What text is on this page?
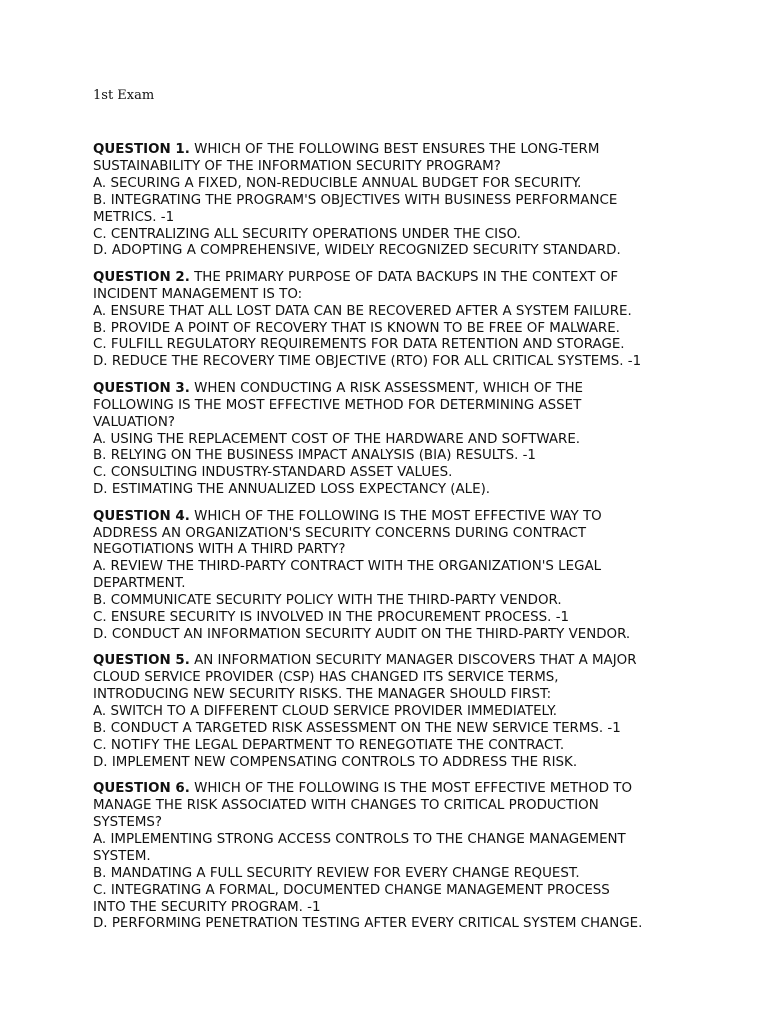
1st Exam
QUESTION 1. WHICH OF THE FOLLOWING BEST ENSURES THE LONG-TERM
SUSTAINABILITY OF THE INFORMATION SECURITY PROGRAM?
A. SECURING A FIXED, NON-REDUCIBLE ANNUAL BUDGET FOR SECURITY.
B. INTEGRATING THE PROGRAM'S OBJECTIVES WITH BUSINESS PERFORMANCE
METRICS. -1
C. CENTRALIZING ALL SECURITY OPERATIONS UNDER THE CISO.
D. ADOPTING A COMPREHENSIVE, WIDELY RECOGNIZED SECURITY STANDARD.
QUESTION 2. THE PRIMARY PURPOSE OF DATA BACKUPS IN THE CONTEXT OF
INCIDENT MANAGEMENT IS TO:
A. ENSURE THAT ALL LOST DATA CAN BE RECOVERED AFTER A SYSTEM FAILURE.
B. PROVIDE A POINT OF RECOVERY THAT IS KNOWN TO BE FREE OF MALWARE.
C. FULFILL REGULATORY REQUIREMENTS FOR DATA RETENTION AND STORAGE.
D. REDUCE THE RECOVERY TIME OBJECTIVE (RTO) FOR ALL CRITICAL SYSTEMS. -1
QUESTION 3. WHEN CONDUCTING A RISK ASSESSMENT, WHICH OF THE
FOLLOWING IS THE MOST EFFECTIVE METHOD FOR DETERMINING ASSET
VALUATION?
A. USING THE REPLACEMENT COST OF THE HARDWARE AND SOFTWARE.
B. RELYING ON THE BUSINESS IMPACT ANALYSIS (BIA) RESULTS. -1
C. CONSULTING INDUSTRY-STANDARD ASSET VALUES.
D. ESTIMATING THE ANNUALIZED LOSS EXPECTANCY (ALE).
QUESTION 4. WHICH OF THE FOLLOWING IS THE MOST EFFECTIVE WAY TO
ADDRESS AN ORGANIZATION'S SECURITY CONCERNS DURING CONTRACT
NEGOTIATIONS WITH A THIRD PARTY?
A. REVIEW THE THIRD-PARTY CONTRACT WITH THE ORGANIZATION'S LEGAL
DEPARTMENT.
B. COMMUNICATE SECURITY POLICY WITH THE THIRD-PARTY VENDOR.
C. ENSURE SECURITY IS INVOLVED IN THE PROCUREMENT PROCESS. -1
D. CONDUCT AN INFORMATION SECURITY AUDIT ON THE THIRD-PARTY VENDOR.
QUESTION 5. AN INFORMATION SECURITY MANAGER DISCOVERS THAT A MAJOR
CLOUD SERVICE PROVIDER (CSP) HAS CHANGED ITS SERVICE TERMS,
INTRODUCING NEW SECURITY RISKS. THE MANAGER SHOULD FIRST:
A. SWITCH TO A DIFFERENT CLOUD SERVICE PROVIDER IMMEDIATELY.
B. CONDUCT A TARGETED RISK ASSESSMENT ON THE NEW SERVICE TERMS. -1
C. NOTIFY THE LEGAL DEPARTMENT TO RENEGOTIATE THE CONTRACT.
D. IMPLEMENT NEW COMPENSATING CONTROLS TO ADDRESS THE RISK.
QUESTION 6. WHICH OF THE FOLLOWING IS THE MOST EFFECTIVE METHOD TO
MANAGE THE RISK ASSOCIATED WITH CHANGES TO CRITICAL PRODUCTION
SYSTEMS?
A. IMPLEMENTING STRONG ACCESS CONTROLS TO THE CHANGE MANAGEMENT
SYSTEM.
B. MANDATING A FULL SECURITY REVIEW FOR EVERY CHANGE REQUEST.
C. INTEGRATING A FORMAL, DOCUMENTED CHANGE MANAGEMENT PROCESS
INTO THE SECURITY PROGRAM. -1
D. PERFORMING PENETRATION TESTING AFTER EVERY CRITICAL SYSTEM CHANGE.
